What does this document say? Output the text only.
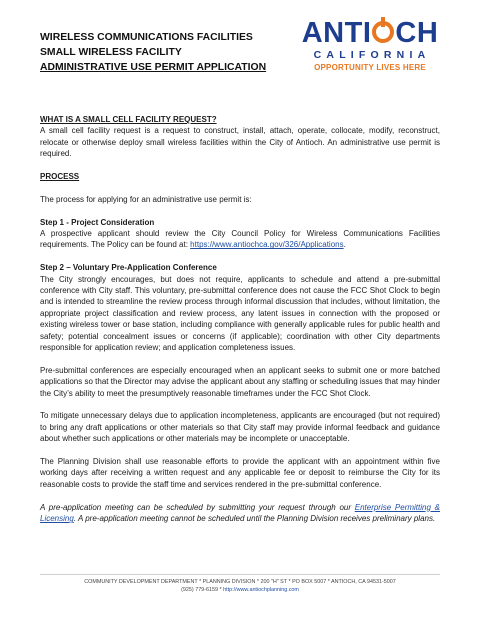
WIRELESS COMMUNICATIONS FACILITIES
SMALL WIRELESS FACILITY
ADMINISTRATIVE USE PERMIT APPLICATION
ANTI CH
CALIFORNIA
OPPORTUNITY LIVES HERE

WHAT IS A SMALL CELL FACILITY REQUEST?

A small cell facility request is a request to construct, install, attach, operate, collocate, modify, reconstruct, relocate or otherwise deploy small wireless facilities within the City of Antioch. An administrative use permit is required.

PROCESS

The process for applying for an administrative use permit is:

Step 1 - Project Consideration

A prospective applicant should review the City Council Policy for Wireless Communications Facilities requirements. The Policy can be found at: https://www.antiochca.gov/326/Applications.

Step 2 – Voluntary Pre-Application Conference

The City strongly encourages, but does not require, applicants to schedule and attend a pre-submittal conference with City staff. This voluntary, pre-submittal conference does not cause the FCC Shot Clock to begin and is intended to streamline the review process through informal discussion that includes, without limitation, the appropriate project classification and review process, any latent issues in connection with the proposed or existing wireless tower or base station, including compliance with generally applicable rules for public health and safety; potential concealment issues or concerns (if applicable); coordination with other City departments responsible for application review; and application completeness issues.

Pre-submittal conferences are especially encouraged when an applicant seeks to submit one or more batched applications so that the Director may advise the applicant about any staffing or scheduling issues that may hinder the City’s ability to meet the presumptively reasonable timeframes under the FCC Shot Clock.

To mitigate unnecessary delays due to application incompleteness, applicants are encouraged (but not required) to bring any draft applications or other materials so that City staff may provide informal feedback and guidance about whether such applications or other materials may be incomplete or unacceptable.

The Planning Division shall use reasonable efforts to provide the applicant with an appointment within five working days after receiving a written request and any applicable fee or deposit to reimburse the City for its reasonable costs to provide the staff time and services rendered in the pre-submittal conference.

A pre-application meeting can be scheduled by submitting your request through our Enterprise Permitting & Licensing. A pre-application meeting cannot be scheduled until the Planning Division receives preliminary plans.

COMMUNITY DEVELOPMENT DEPARTMENT * PLANNING DIVISION * 200 "H" ST * PO BOX 5007 * ANTIOCH, CA 94531-5007
(925) 779-6159 * http://www.antiochplanning.com
